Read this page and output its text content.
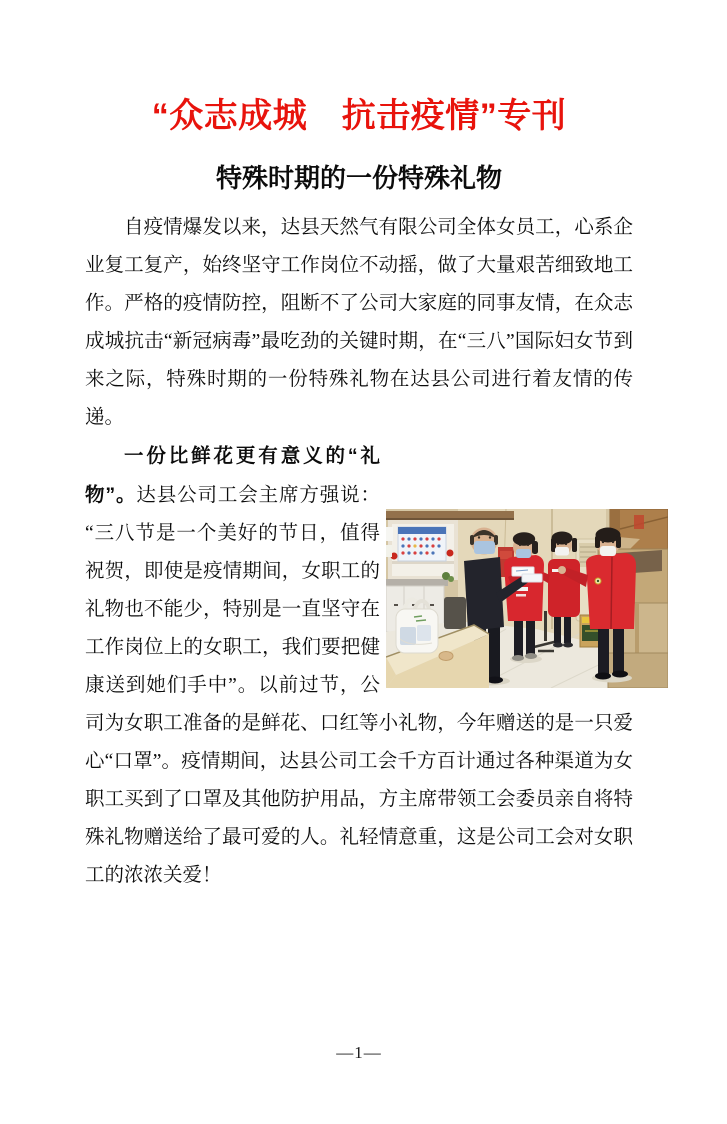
“众志成城　抗击疫情”专刊
特殊时期的一份特殊礼物

自疫情爆发以来，达县天然气有限公司全体女员工，心系企业复工复产，始终坚守工作岗位不动摇，做了大量艰苦细致地工作。严格的疫情防控，阻断不了公司大家庭的同事友情，在众志成城抗击“新冠病毒”最吃劲的关键时期，在“三八”国际妇女节到来之际，特殊时期的一份特殊礼物在达县公司进行着友情的传递。

一份比鲜花更有意义的“礼物”。达县公司工会主席方强说：“三八节是一个美好的节日，值得祝贺，即使是疫情期间，女职工的礼物也不能少，特别是一直坚守在工作岗位上的女职工，我们要把健康送到她们手中”。以前过节，公司为女职工准备的是鲜花、口红等小礼物，今年赠送的是一只爱心“口罩”。疫情期间，达县公司工会千方百计通过各种渠道为女职工买到了口罩及其他防护用品，方主席带领工会委员亲自将特殊礼物赠送给了最可爱的人。礼轻情意重，这是公司工会对女职工的浓浓关爱！

—1—
